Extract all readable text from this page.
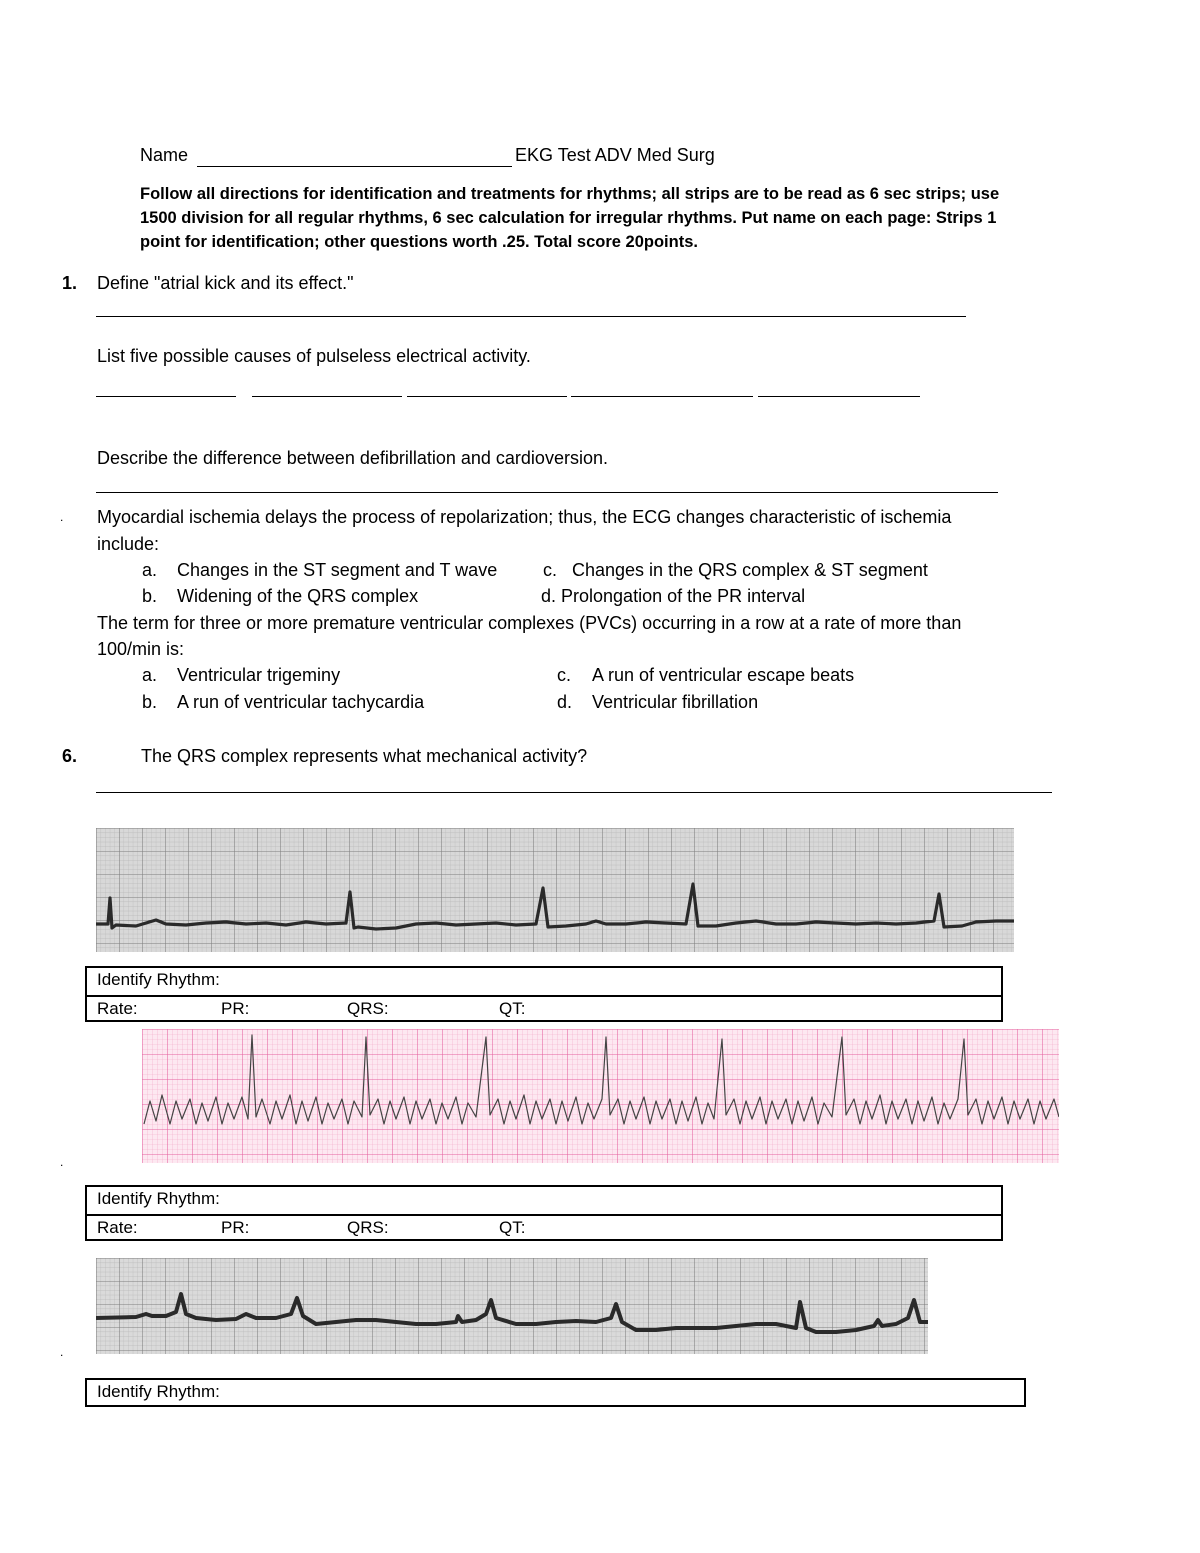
Name	EKG Test ADV Med Surg
Follow all directions for identification and treatments for rhythms; all strips are to be read as 6 sec strips; use 1500 division for all regular rhythms, 6 sec calculation for irregular rhythms. Put name on each page: Strips 1 point for identification; other questions worth .25. Total score 20points.
1. Define "atrial kick and its effect."
List five possible causes of pulseless electrical activity.
Describe the difference between defibrillation and cardioversion.
. Myocardial ischemia delays the process of repolarization; thus, the ECG changes characteristic of ischemia
include:
a. Changes in the ST segment and T wave	c. Changes in the QRS complex & ST segment
b. Widening of the QRS complex	d. Prolongation of the PR interval
The term for three or more premature ventricular complexes (PVCs) occurring in a row at a rate of more than
100/min is:
a. Ventricular trigeminy	c. A run of ventricular escape beats
b. A run of ventricular tachycardia	d. Ventricular fibrillation
6.	The QRS complex represents what mechanical activity?
Identify Rhythm:
Rate:	PR:	QRS:	QT:
.
Identify Rhythm:
Rate:	PR:	QRS:	QT:
.
Identify Rhythm:
